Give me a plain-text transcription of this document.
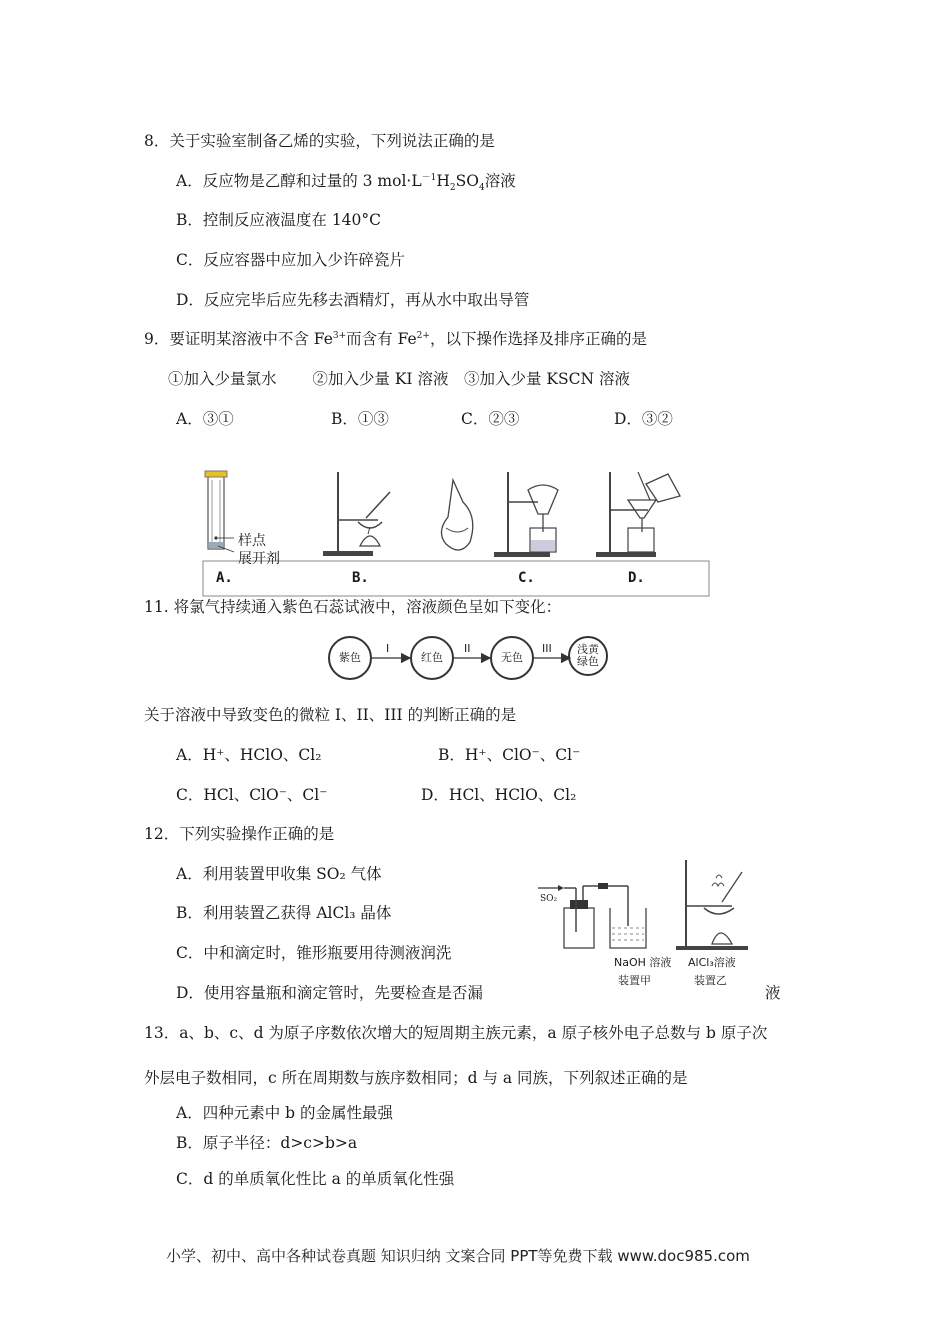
8．关于实验室制备乙烯的实验，下列说法正确的是
A．反应物是乙醇和过量的 3 $mol\cdot L^{-1}H_2SO_4$溶液
B．控制反应液温度在 140°C
C．反应容器中应加入少许碎瓷片
D．反应完毕后应先移去酒精灯，再从水中取出导管
9．要证明某溶液中不含 $Fe^{3+}$而含有 $Fe^{2+}$，以下操作选择及排序正确的是
①加入少量氯水　　 ②加入少量 KI 溶液　③加入少量 KSCN 溶液
A．③①	B．①③	C．②③	D．③②
样点
展开剂
A.	B.	C.	D.
11. 将氯气持续通入紫色石蕊试液中，溶液颜色呈如下变化：
紫色	红色	无色
浅黄绿色
I	II	III
关于溶液中导致变色的微粒 I、II、III 的判断正确的是
A．H⁺、HClO、Cl₂	B．H⁺、ClO⁻、Cl⁻
C．HCl、ClO⁻、Cl⁻	D．HCl、HClO、Cl₂
12．下列实验操作正确的是
A．利用装置甲收集 SO₂ 气体
B．利用装置乙获得 AlCl₃ 晶体
C．中和滴定时，锥形瓶要用待测液润洗
D．使用容量瓶和滴定管时，先要检查是否漏	液
SO₂
NaOH 溶液
装置甲
AlCl₃溶液
装置乙
13．a、b、c、d 为原子序数依次增大的短周期主族元素，a 原子核外电子总数与 b 原子次
外层电子数相同，c 所在周期数与族序数相同；d 与 a 同族，下列叙述正确的是
A．四种元素中 b 的金属性最强
B．原子半径：d>c>b>a
C．d 的单质氧化性比 a 的单质氧化性强
小学、初中、高中各种试卷真题 知识归纳 文案合同 PPT等免费下载 www.doc985.com
